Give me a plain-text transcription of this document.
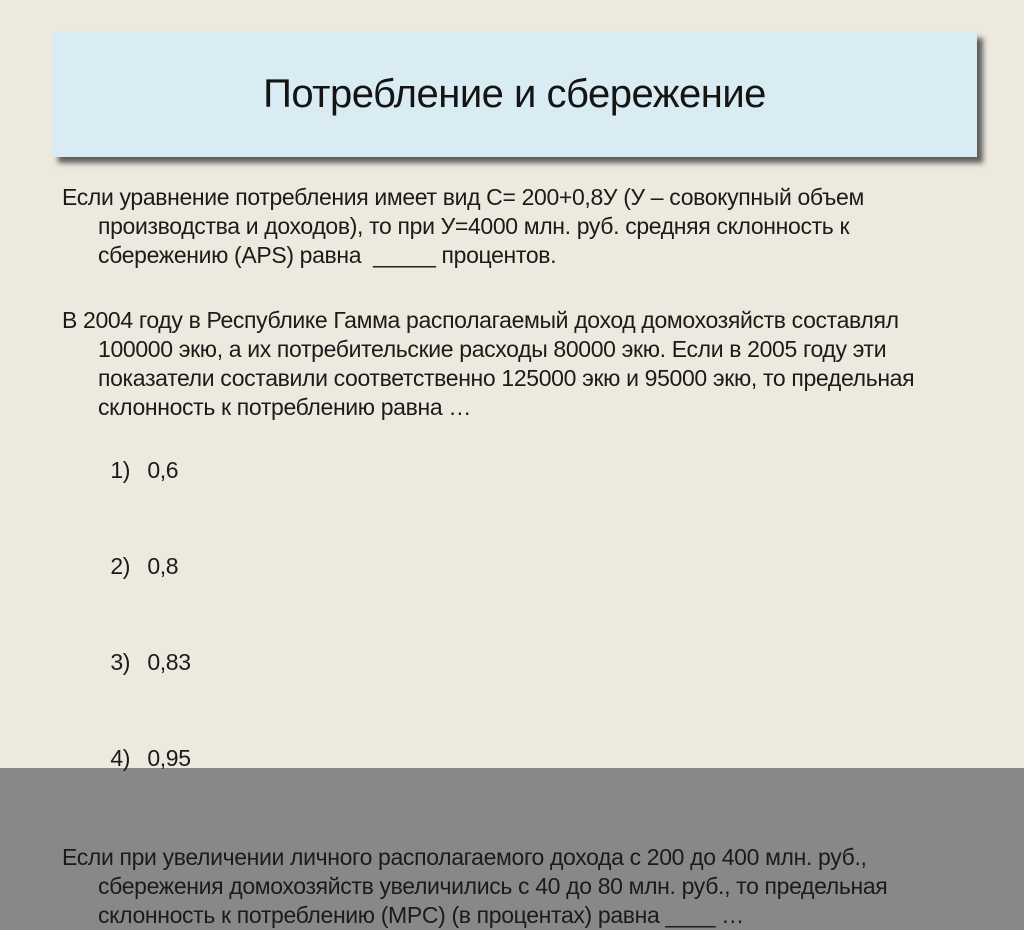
Потребление и сбережение
Если уравнение потребления имеет вид С= 200+0,8У (У – совокупный объем
производства и доходов), то при У=4000 млн. руб. средняя склонность к
сбережению (APS) равна  _____ процентов.
В 2004 году в Республике Гамма располагаемый доход домохозяйств составлял
100000 экю, а их потребительские расходы 80000 экю. Если в 2005 году эти
показатели составили соответственно 125000 экю и 95000 экю, то предельная
склонность к потреблению равна …

1) 0,6

2) 0,8

3) 0,83

4) 0,95

Если при увеличении личного располагаемого дохода с 200 до 400 млн. руб.,
сбережения домохозяйств увеличились с 40 до 80 млн. руб., то предельная
склонность к потреблению (MPC) (в процентах) равна ____ …
